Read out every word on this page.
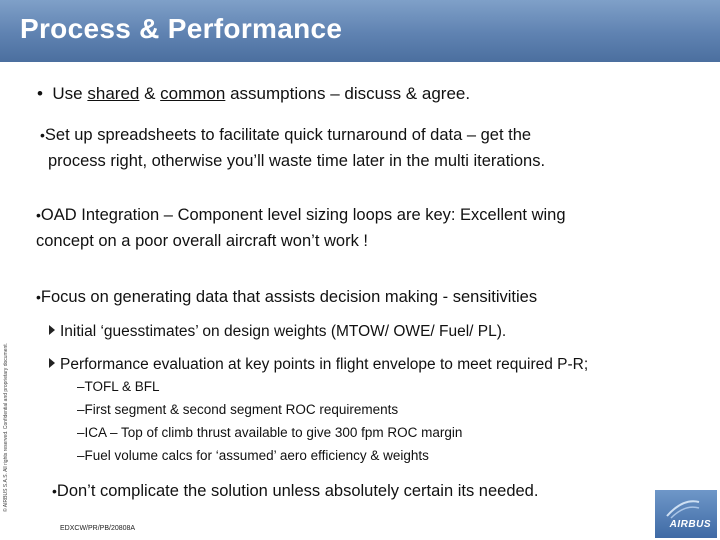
Process & Performance
© AIRBUS S.A.S. All rights reserved. Confidential and proprietary document.
• Use shared & common assumptions – discuss & agree.
•Set up spreadsheets to facilitate quick turnaround of data – get the
process right, otherwise you’ll waste time later in the multi iterations.
•OAD Integration – Component level sizing loops are key: Excellent wing
concept on a poor overall aircraft won’t work !
•Focus on generating data that assists decision making - sensitivities
Initial ‘guesstimates’ on design weights (MTOW/ OWE/ Fuel/ PL).
Performance evaluation at key points in flight envelope to meet required P-R;
–TOFL & BFL
–First segment & second segment ROC requirements
–ICA – Top of climb thrust available to give 300 fpm ROC margin
–Fuel volume calcs for ‘assumed’ aero efficiency & weights
•Don’t complicate the solution unless absolutely certain its needed.
EDXCW/PR/PB/20808A	AIRBUS
